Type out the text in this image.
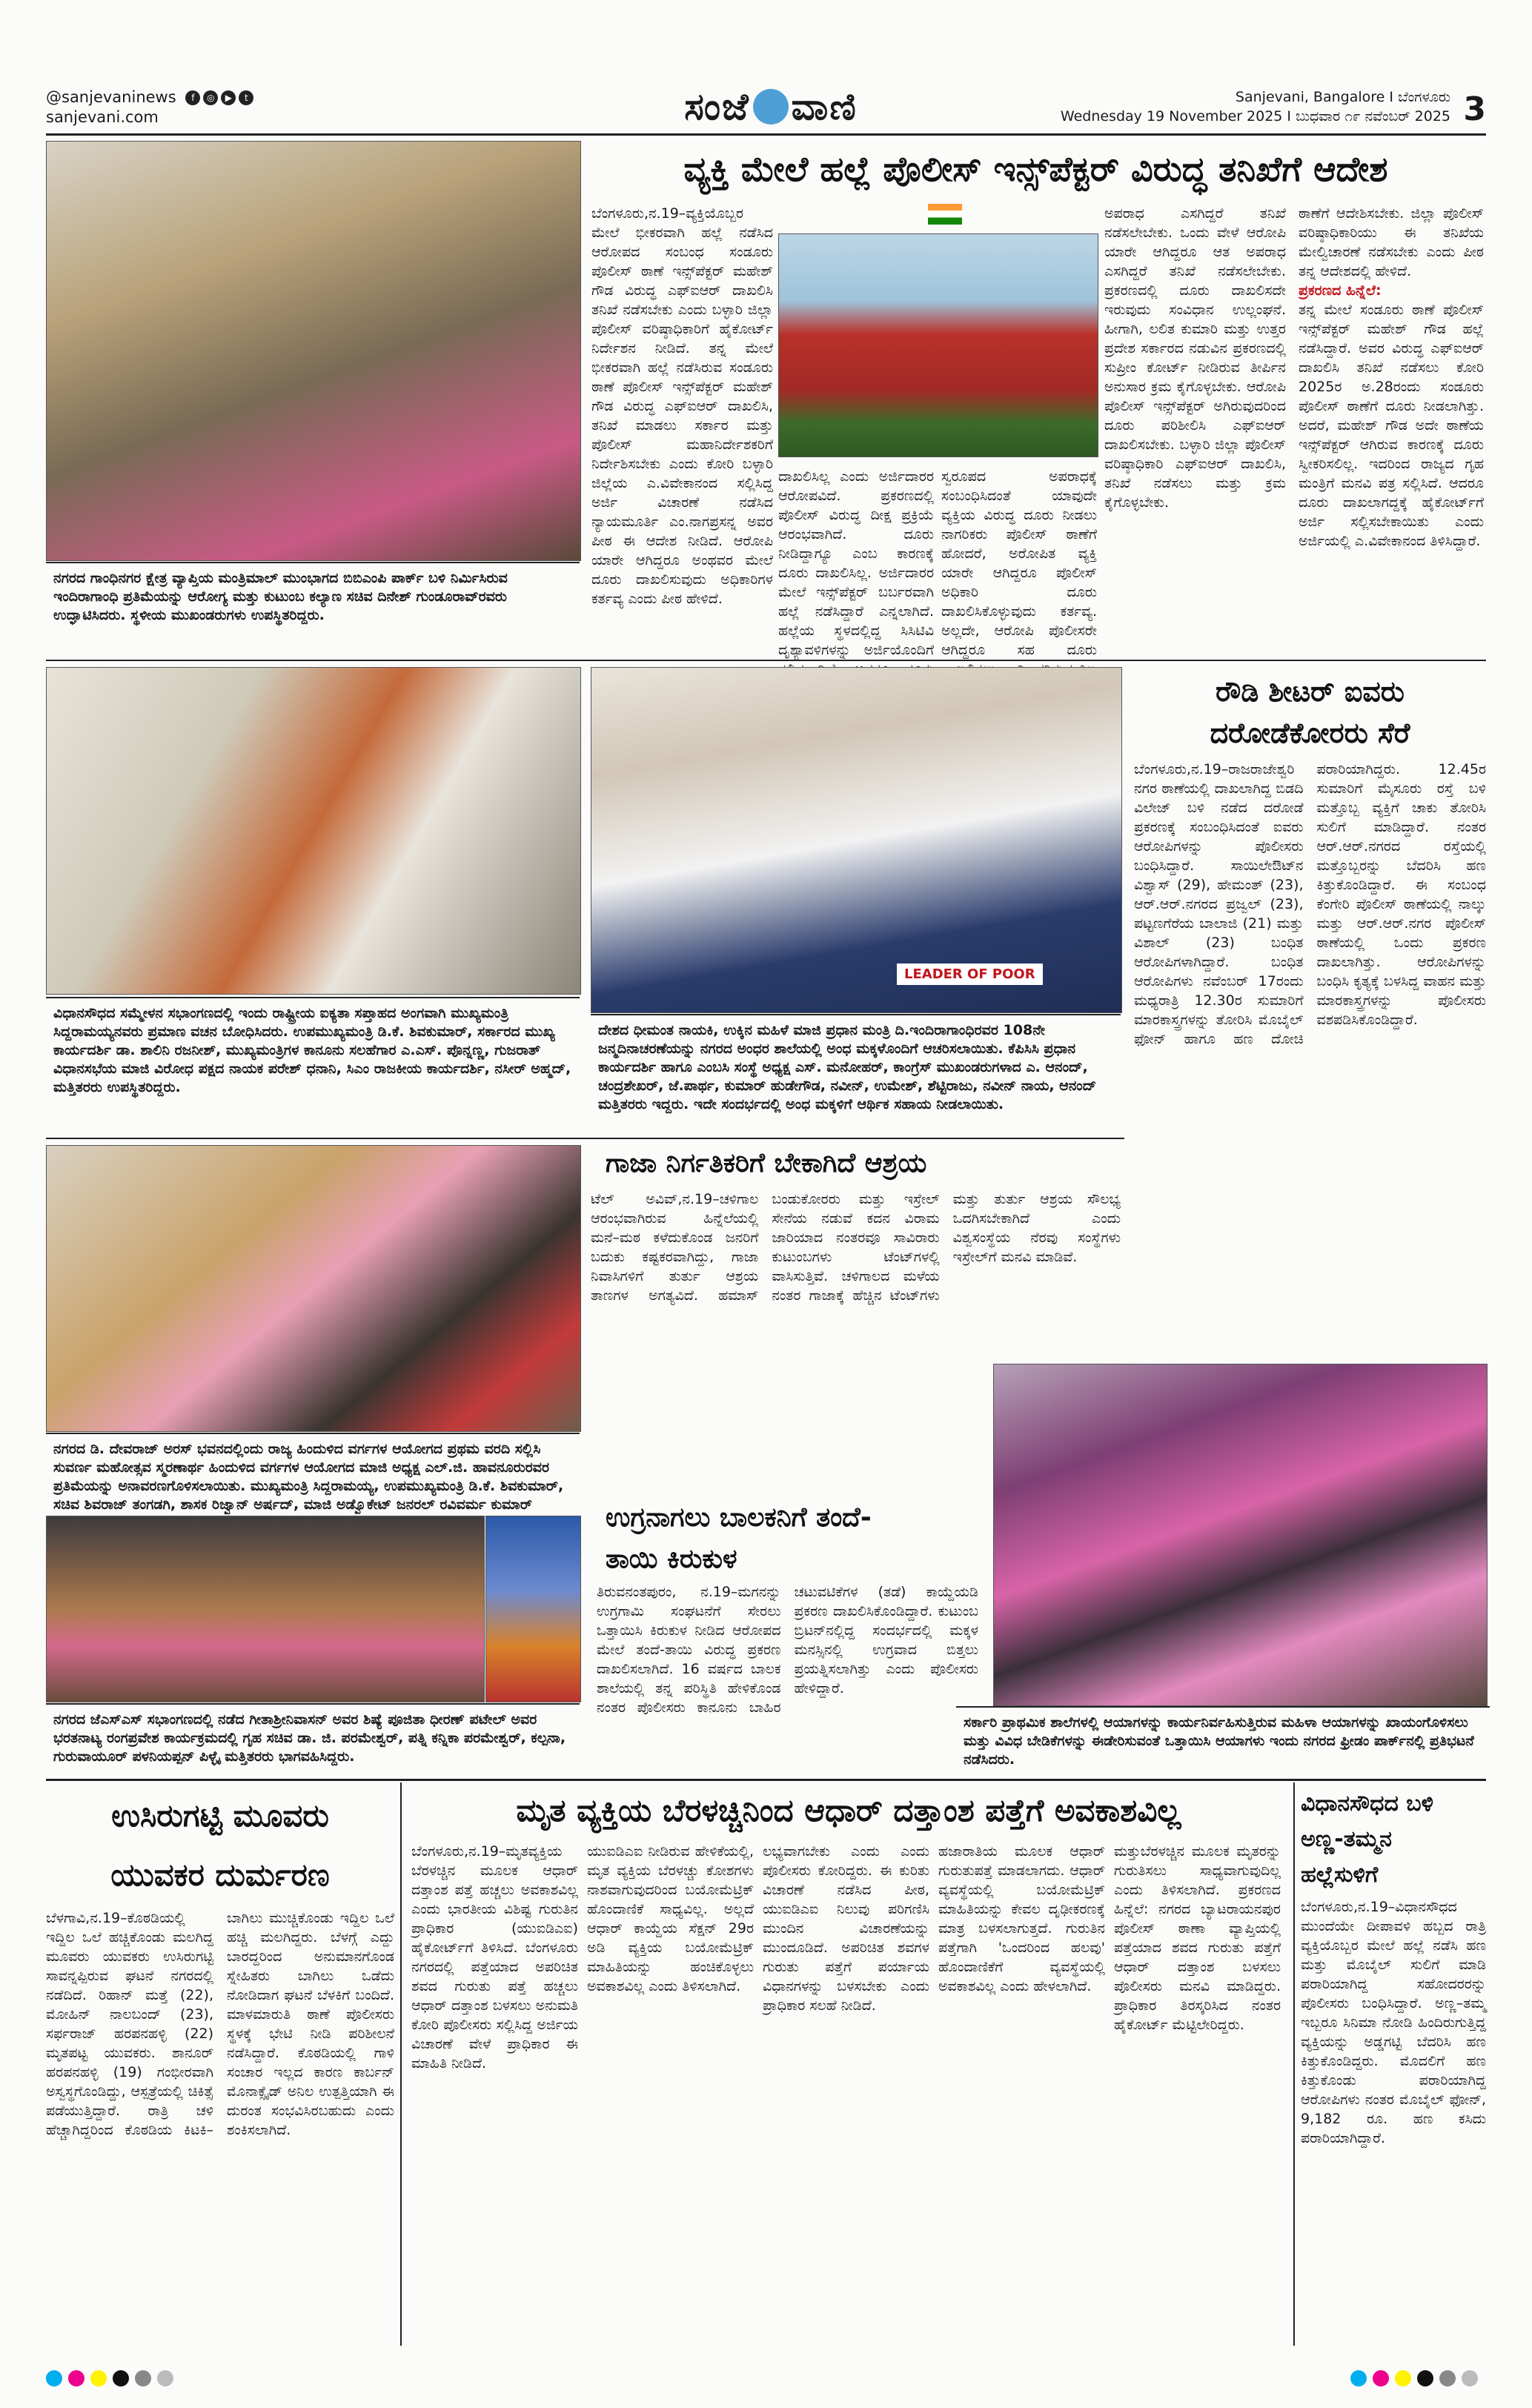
@sanjevaninews	f	◎	▶	t
sanjevani.com	ಸಂಜೆ ವಾಣಿ	Sanjevani, Bangalore I ಬೆಂಗಳೂರು
Wednesday 19 November 2025 I ಬುಧವಾರ ೧೯ ನವೆಂಬರ್ 2025 3
ನಗರದ ಗಾಂಧಿನಗರ ಕ್ಷೇತ್ರ ವ್ಯಾಪ್ತಿಯ ಮಂತ್ರಿಮಾಲ್ ಮುಂಭಾಗದ ಬಿಬಿಎಂಪಿ ಪಾರ್ಕ್ ಬಳಿ ನಿರ್ಮಿಸಿರುವ ಇಂದಿರಾಗಾಂಧಿ ಪ್ರತಿಮೆಯನ್ನು ಆರೋಗ್ಯ ಮತ್ತು ಕುಟುಂಬ ಕಲ್ಯಾಣ ಸಚಿವ ದಿನೇಶ್ ಗುಂಡೂರಾವ್‌ರವರು ಉದ್ಘಾಟಿಸಿದರು. ಸ್ಥಳೀಯ ಮುಖಂಡರುಗಳು ಉಪಸ್ಥಿತರಿದ್ದರು.
ವ್ಯಕ್ತಿ ಮೇಲೆ ಹಲ್ಲೆ ಪೊಲೀಸ್ ಇನ್ಸ್‌ಪೆಕ್ಟರ್ ವಿರುದ್ಧ ತನಿಖೆಗೆ ಆದೇಶ
ಬೆಂಗಳೂರು,ನ.19–ವ್ಯಕ್ತಿಯೊಬ್ಬರ ಮೇಲೆ ಭೀಕರವಾಗಿ ಹಲ್ಲೆ ನಡೆಸಿದ ಆರೋಪದ ಸಂಬಂಧ ಸಂಡೂರು ಪೊಲೀಸ್ ಠಾಣೆ ಇನ್ಸ್‌ಪೆಕ್ಟರ್ ಮಹೇಶ್ ಗೌಡ ವಿರುದ್ಧ ಎಫ್‌ಐಆರ್ ದಾಖಲಿಸಿ ತನಿಖೆ ನಡೆಸಬೇಕು ಎಂದು ಬಳ್ಳಾರಿ ಜಿಲ್ಲಾ ಪೊಲೀಸ್ ವರಿಷ್ಠಾಧಿಕಾರಿಗೆ ಹೈಕೋರ್ಟ್ ನಿರ್ದೇಶನ ನೀಡಿದೆ. ತನ್ನ ಮೇಲೆ ಭೀಕರವಾಗಿ ಹಲ್ಲೆ ನಡೆಸಿರುವ ಸಂಡೂರು ಠಾಣೆ ಪೊಲೀಸ್ ಇನ್ಸ್‌ಪೆಕ್ಟರ್ ಮಹೇಶ್ ಗೌಡ ವಿರುದ್ಧ ಎಫ್‌ಐಆರ್ ದಾಖಲಿಸಿ, ತನಿಖೆ ಮಾಡಲು ಸರ್ಕಾರ ಮತ್ತು ಪೊಲೀಸ್ ಮಹಾನಿರ್ದೇಶಕರಿಗೆ ನಿರ್ದೇಶಿಸಬೇಕು ಎಂದು ಕೋರಿ ಬಳ್ಳಾರಿ ಜಿಲ್ಲೆಯ ಎ.ವಿವೇಕಾನಂದ ಸಲ್ಲಿಸಿದ್ದ ಅರ್ಜಿ ವಿಚಾರಣೆ ನಡೆಸಿದ ನ್ಯಾಯಮೂರ್ತಿ ಎಂ.ನಾಗಪ್ರಸನ್ನ ಅವರ ಪೀಠ ಈ ಆದೇಶ ನೀಡಿದೆ. ಆರೋಪಿ ಯಾರೇ ಆಗಿದ್ದರೂ ಅಂಥವರ ಮೇಲೆ ದೂರು ದಾಖಲಿಸುವುದು ಅಧಿಕಾರಿಗಳ ಕರ್ತವ್ಯ ಎಂದು ಪೀಠ ಹೇಳಿದೆ.
ದಾಖಲಿಸಿಲ್ಲ ಎಂದು ಅರ್ಜಿದಾರರ ಆರೋಪವಿದೆ. ಪ್ರಕರಣದಲ್ಲಿ ಪೊಲೀಸ್ ವಿರುದ್ಧ ದೀಕ್ಷ ಪ್ರಕ್ರಿಯೆ ಆರಂಭವಾಗಿದೆ. ದೂರು ನೀಡಿದ್ದಾಗ್ಯೂ ಎಂಬ ಕಾರಣಕ್ಕೆ ದೂರು ದಾಖಲಿಸಿಲ್ಲ. ಅರ್ಜಿದಾರರ ಮೇಲೆ ಇನ್ಸ್‌ಪೆಕ್ಟರ್ ಬರ್ಬರವಾಗಿ ಹಲ್ಲೆ ನಡೆಸಿದ್ದಾರೆ ಎನ್ನಲಾಗಿದೆ. ಹಲ್ಲೆಯ ಸ್ಥಳದಲ್ಲಿದ್ದ ಸಿಸಿಟಿವಿ ದೃಶ್ಯಾವಳಿಗಳನ್ನು ಅರ್ಜಿಯೊಂದಿಗೆ
ಸ್ವರೂಪದ ಅಪರಾಧಕ್ಕೆ ಸಂಬಂಧಿಸಿದಂತೆ ಯಾವುದೇ ವ್ಯಕ್ತಿಯ ವಿರುದ್ಧ ದೂರು ನೀಡಲು ನಾಗರಿಕರು ಪೊಲೀಸ್ ಠಾಣೆಗೆ ಹೋದರೆ, ಅರೋಪಿತ ವ್ಯಕ್ತಿ ಯಾರೇ ಆಗಿದ್ದರೂ ಪೊಲೀಸ್ ಅಧಿಕಾರಿ ದೂರು ದಾಖಲಿಸಿಕೊಳ್ಳುವುದು ಕರ್ತವ್ಯ. ಅಲ್ಲದೇ, ಆರೋಪಿ ಪೊಲೀಸರೇ ಆಗಿದ್ದರೂ ಸಹ ದೂರು
ಅಪರಾಧ ಎಸಗಿದ್ದರೆ ತನಿಖೆ ನಡೆಸಲೇಬೇಕು. ಒಂದು ವೇಳೆ ಆರೋಪಿ ಯಾರೇ ಆಗಿದ್ದರೂ ಆತ ಅಪರಾಧ ಎಸಗಿದ್ದರೆ ತನಿಖೆ ನಡೆಸಲೇಬೇಕು. ಪ್ರಕರಣದಲ್ಲಿ ದೂರು ದಾಖಲಿಸದೇ ಇರುವುದು ಸಂವಿಧಾನ ಉಲ್ಲಂಘನೆ. ಹೀಗಾಗಿ, ಲಲಿತ ಕುಮಾರಿ ಮತ್ತು ಉತ್ತರ ಪ್ರದೇಶ ಸರ್ಕಾರದ ನಡುವಿನ ಪ್ರಕರಣದಲ್ಲಿ ಸುಪ್ರೀಂ ಕೋರ್ಟ್ ನೀಡಿರುವ ತೀರ್ಪಿನ ಅನುಸಾರ ಕ್ರಮ ಕೈಗೊಳ್ಳಬೇಕು. ಆರೋಪಿ ಪೊಲೀಸ್ ಇನ್ಸ್‌ಪೆಕ್ಟರ್ ಅಗಿರುವುದರಿಂದ ದೂರು ಪರಿಶೀಲಿಸಿ ಎಫ್‌ಐಆರ್ ದಾಖಲಿಸಬೇಕು. ಬಳ್ಳಾರಿ ಜಿಲ್ಲಾ ಪೊಲೀಸ್ ವರಿಷ್ಠಾಧಿಕಾರಿ ಎಫ್‌ಐಆರ್ ದಾಖಲಿಸಿ, ತನಿಖೆ ನಡೆಸಲು ಮತ್ತು ಕ್ರಮ ಕೈಗೊಳ್ಳಬೇಕು.
ಠಾಣೆಗೆ ಆದೇಶಿಸಬೇಕು. ಜಿಲ್ಲಾ ಪೊಲೀಸ್ ವರಿಷ್ಠಾಧಿಕಾರಿಯು ಈ ತನಿಖೆಯ ಮೇಲ್ವಿಚಾರಣೆ ನಡೆಸಬೇಕು ಎಂದು ಪೀಠ ತನ್ನ ಆದೇಶದಲ್ಲಿ ಹೇಳಿದೆ.
ಪ್ರಕರಣದ ಹಿನ್ನೆಲೆ:
ತನ್ನ ಮೇಲೆ ಸಂಡೂರು ಠಾಣೆ ಪೊಲೀಸ್ ಇನ್ಸ್‌ಪೆಕ್ಟರ್ ಮಹೇಶ್ ಗೌಡ ಹಲ್ಲೆ ನಡೆಸಿದ್ದಾರೆ. ಅವರ ವಿರುದ್ಧ ಎಫ್‌ಐಆರ್ ದಾಖಲಿಸಿ ತನಿಖೆ ನಡೆಸಲು ಕೋರಿ 2025ರ ಅ.28ರಂದು ಸಂಡೂರು ಪೊಲೀಸ್ ಠಾಣೆಗೆ ದೂರು ನೀಡಲಾಗಿತ್ತು. ಅದರೆ, ಮಹೇಶ್ ಗೌಡ ಅದೇ ಠಾಣೆಯ ಇನ್ಸ್‌ಪೆಕ್ಟರ್ ಆಗಿರುವ ಕಾರಣಕ್ಕೆ ದೂರು ಸ್ವೀಕರಿಸಲಿಲ್ಲ. ಇದರಿಂದ ರಾಜ್ಯದ ಗೃಹ ಮಂತ್ರಿಗೆ ಮನವಿ ಪತ್ರ ಸಲ್ಲಿಸಿದೆ. ಆದರೂ ದೂರು ದಾಖಲಾಗದ್ದಕ್ಕೆ ಹೈಕೋರ್ಟ್‌ಗೆ ಅರ್ಜಿ ಸಲ್ಲಿಸಬೇಕಾಯಿತು ಎಂದು ಅರ್ಜಿಯಲ್ಲಿ ಎ.ವಿವೇಕಾನಂದ ತಿಳಿಸಿದ್ದಾರೆ.
ವಿಧಾನಸೌಧದ ಸಮ್ಮೇಳನ ಸಭಾಂಗಣದಲ್ಲಿ ಇಂದು ರಾಷ್ಟ್ರೀಯ ಐಕ್ಯತಾ ಸಪ್ತಾಹದ ಅಂಗವಾಗಿ ಮುಖ್ಯಮಂತ್ರಿ ಸಿದ್ದರಾಮಯ್ಯನವರು ಪ್ರಮಾಣ ವಚನ ಬೋಧಿಸಿದರು. ಉಪಮುಖ್ಯಮಂತ್ರಿ ಡಿ.ಕೆ. ಶಿವಕುಮಾರ್, ಸರ್ಕಾರದ ಮುಖ್ಯ ಕಾರ್ಯದರ್ಶಿ ಡಾ. ಶಾಲಿನಿ ರಜನೀಶ್, ಮುಖ್ಯಮಂತ್ರಿಗಳ ಕಾನೂನು ಸಲಹೆಗಾರ ಎ.ಎಸ್. ಪೊನ್ನಣ್ಣ, ಗುಜರಾತ್ ವಿಧಾನಸಭೆಯ ಮಾಜಿ ವಿರೋಧ ಪಕ್ಷದ ನಾಯಕ ಪರೇಶ್ ಧನಾನಿ, ಸಿಎಂ ರಾಜಕೀಯ ಕಾರ್ಯದರ್ಶಿ, ನಸೀರ್ ಅಹ್ಮದ್, ಮತ್ತಿತರರು ಉಪಸ್ಥಿತರಿದ್ದರು.
LEADER OF POOR
ದೇಶದ ಧೀಮಂತ ನಾಯಕಿ, ಉಕ್ಕಿನ ಮಹಿಳೆ ಮಾಜಿ ಪ್ರಧಾನ ಮಂತ್ರಿ ದಿ.ಇಂದಿರಾಗಾಂಧಿರವರ 108ನೇ ಜನ್ಮದಿನಾಚರಣೆಯನ್ನು ನಗರದ ಅಂಧರ ಶಾಲೆಯಲ್ಲಿ ಅಂಧ ಮಕ್ಕಳೊಂದಿಗೆ ಆಚರಿಸಲಾಯಿತು. ಕೆಪಿಸಿಸಿ ಪ್ರಧಾನ ಕಾರ್ಯದರ್ಶಿ ಹಾಗೂ ಎಂಬಸಿ ಸಂಸ್ಥೆ ಅಧ್ಯಕ್ಷ ಎಸ್. ಮನೋಹರ್, ಕಾಂಗ್ರೆಸ್ ಮುಖಂಡರುಗಳಾದ ಎ. ಆನಂದ್, ಚಂದ್ರಶೇಖರ್, ಜೆ.ಪಾರ್ಥ, ಕುಮಾರ್ ಹುಡೇಗೌಡ, ನವೀನ್, ಉಮೇಶ್, ಶೆಟ್ಟಿರಾಜು, ನವೀನ್ ನಾಯ, ಆನಂದ್ ಮತ್ತಿತರರು ಇದ್ದರು. ಇದೇ ಸಂದರ್ಭದಲ್ಲಿ ಅಂಧ ಮಕ್ಕಳಿಗೆ ಆರ್ಥಿಕ ಸಹಾಯ ನೀಡಲಾಯಿತು.
ರೌಡಿ ಶೀಟರ್ ಐವರು
ದರೋಡೆಕೋರರು ಸೆರೆ
ಬೆಂಗಳೂರು,ನ.19–ರಾಜರಾಜೇಶ್ವರಿ ನಗರ ಠಾಣೆಯಲ್ಲಿ ದಾಖಲಾಗಿದ್ದ ಬಿಡದಿ ವಿಲೇಜ್ ಬಳಿ ನಡೆದ ದರೋಡೆ ಪ್ರಕರಣಕ್ಕೆ ಸಂಬಂಧಿಸಿದಂತೆ ಐವರು ಆರೋಪಿಗಳನ್ನು ಪೊಲೀಸರು ಬಂಧಿಸಿದ್ದಾರೆ. ಸಾಯಿಲೇಔಟ್‌ನ ವಿಶ್ವಾಸ್ (29), ಹೇಮಂತ್ (23), ಆರ್.ಆರ್.ನಗರದ ಪ್ರಜ್ವಲ್ (23), ಪಟ್ಟಣಗೆರೆಯ ಬಾಲಾಜಿ (21) ಮತ್ತು ವಿಶಾಲ್ (23) ಬಂಧಿತ ಆರೋಪಿಗಳಾಗಿದ್ದಾರೆ. ಬಂಧಿತ ಆರೋಪಿಗಳು ನವೆಂಬರ್ 17ರಂದು ಮಧ್ಯರಾತ್ರಿ 12.30ರ ಸುಮಾರಿಗೆ ಮಾರಕಾಸ್ತ್ರಗಳನ್ನು ತೋರಿಸಿ ಮೊಬೈಲ್ ಫೋನ್ ಹಾಗೂ ಹಣ ದೋಚಿ ಪರಾರಿಯಾಗಿದ್ದರು. 12.45ರ ಸುಮಾರಿಗೆ ಮೈಸೂರು ರಸ್ತೆ ಬಳಿ ಮತ್ತೊಬ್ಬ ವ್ಯಕ್ತಿಗೆ ಚಾಕು ತೋರಿಸಿ ಸುಲಿಗೆ ಮಾಡಿದ್ದಾರೆ. ನಂತರ ಆರ್.ಆರ್.ನಗರದ ರಸ್ತೆಯಲ್ಲಿ ಮತ್ತೊಬ್ಬರನ್ನು ಬೆದರಿಸಿ ಹಣ ಕಿತ್ತುಕೊಂಡಿದ್ದಾರೆ. ಈ ಸಂಬಂಧ ಕೆಂಗೇರಿ ಪೊಲೀಸ್ ಠಾಣೆಯಲ್ಲಿ ನಾಲ್ಕು ಮತ್ತು ಆರ್.ಆರ್.ನಗರ ಪೊಲೀಸ್ ಠಾಣೆಯಲ್ಲಿ ಒಂದು ಪ್ರಕರಣ ದಾಖಲಾಗಿತ್ತು. ಆರೋಪಿಗಳನ್ನು ಬಂಧಿಸಿ ಕೃತ್ಯಕ್ಕೆ ಬಳಸಿದ್ದ ವಾಹನ ಮತ್ತು ಮಾರಕಾಸ್ತ್ರಗಳನ್ನು ಪೊಲೀಸರು ವಶಪಡಿಸಿಕೊಂಡಿದ್ದಾರೆ.
ನಗರದ ಡಿ. ದೇವರಾಜ್ ಅರಸ್ ಭವನದಲ್ಲಿಂದು ರಾಜ್ಯ ಹಿಂದುಳಿದ ವರ್ಗಗಳ ಆಯೋಗದ ಪ್ರಥಮ ವರದಿ ಸಲ್ಲಿಸಿ ಸುವರ್ಣ ಮಹೋತ್ಸವ ಸ್ಮರಣಾರ್ಥ ಹಿಂದುಳಿದ ವರ್ಗಗಳ ಆಯೋಗದ ಮಾಜಿ ಅಧ್ಯಕ್ಷ ಎಲ್.ಜಿ. ಹಾವನೂರುರವರ ಪ್ರತಿಮೆಯನ್ನು ಅನಾವರಣಗೊಳಿಸಲಾಯಿತು. ಮುಖ್ಯಮಂತ್ರಿ ಸಿದ್ದರಾಮಯ್ಯ, ಉಪಮುಖ್ಯಮಂತ್ರಿ ಡಿ.ಕೆ. ಶಿವಕುಮಾರ್, ಸಚಿವ ಶಿವರಾಜ್ ತಂಗಡಗಿ, ಶಾಸಕ ರಿಜ್ವಾನ್ ಅರ್ಷದ್, ಮಾಜಿ ಅಡ್ವೊಕೇಟ್ ಜನರಲ್ ರವಿವರ್ಮ ಕುಮಾರ್
ಗಾಜಾ ನಿರ್ಗತಿಕರಿಗೆ ಬೇಕಾಗಿದೆ ಆಶ್ರಯ
ಟೆಲ್ ಅವಿವ್,ನ.19–ಚಳಿಗಾಲ ಆರಂಭವಾಗಿರುವ ಹಿನ್ನೆಲೆಯಲ್ಲಿ ಮನೆ–ಮಠ ಕಳೆದುಕೊಂಡ ಜನರಿಗೆ ಬದುಕು ಕಷ್ಟಕರವಾಗಿದ್ದು, ಗಾಜಾ ನಿವಾಸಿಗಳಿಗೆ ತುರ್ತು ಆಶ್ರಯ ತಾಣಗಳ ಅಗತ್ಯವಿದೆ. ಹಮಾಸ್ ಬಂಡುಕೋರರು ಮತ್ತು ಇಸ್ರೇಲ್ ಸೇನೆಯ ನಡುವೆ ಕದನ ವಿರಾಮ ಜಾರಿಯಾದ ನಂತರವೂ ಸಾವಿರಾರು ಕುಟುಂಬಗಳು ಟೆಂಟ್‌ಗಳಲ್ಲಿ ವಾಸಿಸುತ್ತಿವೆ. ಚಳಿಗಾಲದ ಮಳೆಯ ನಂತರ ಗಾಜಾಕ್ಕೆ ಹೆಚ್ಚಿನ ಟೆಂಟ್‌ಗಳು ಮತ್ತು ತುರ್ತು ಆಶ್ರಯ ಸೌಲಭ್ಯ ಒದಗಿಸಬೇಕಾಗಿದೆ ಎಂದು ವಿಶ್ವಸಂಸ್ಥೆಯ ನೆರವು ಸಂಸ್ಥೆಗಳು ಇಸ್ರೇಲ್‌ಗೆ ಮನವಿ ಮಾಡಿವೆ.
ನಗರದ ಜೆಎಸ್ಎಸ್ ಸಭಾಂಗಣದಲ್ಲಿ ನಡೆದ ಗೀತಾಶ್ರೀನಿವಾಸನ್ ಅವರ ಶಿಷ್ಯೆ ಪೂಜಿತಾ ಧೀರಣ್ ಪಟೇಲ್ ಅವರ ಭರತನಾಟ್ಯ ರಂಗಪ್ರವೇಶ ಕಾರ್ಯಕ್ರಮದಲ್ಲಿ ಗೃಹ ಸಚಿವ ಡಾ. ಜಿ. ಪರಮೇಶ್ವರ್, ಪತ್ನಿ ಕನ್ನಿಕಾ ಪರಮೇಶ್ವರ್, ಕಲ್ಪನಾ, ಗುರುವಾಯೂರ್ ಪಳನಿಯಪ್ಪನ್ ಪಿಳ್ಳೈ ಮತ್ತಿತರರು ಭಾಗವಹಿಸಿದ್ದರು.
ಉಗ್ರನಾಗಲು ಬಾಲಕನಿಗೆ ತಂದೆ-
ತಾಯಿ ಕಿರುಕುಳ
ತಿರುವನಂತಪುರಂ, ನ.19–ಮಗನನ್ನು ಉಗ್ರಗಾಮಿ ಸಂಘಟನೆಗೆ ಸೇರಲು ಒತ್ತಾಯಿಸಿ ಕಿರುಕುಳ ನೀಡಿದ ಆರೋಪದ ಮೇಲೆ ತಂದೆ-ತಾಯಿ ವಿರುದ್ಧ ಪ್ರಕರಣ ದಾಖಲಿಸಲಾಗಿದೆ. 16 ವರ್ಷದ ಬಾಲಕ ಶಾಲೆಯಲ್ಲಿ ತನ್ನ ಪರಿಸ್ಥಿತಿ ಹೇಳಿಕೊಂಡ ನಂತರ ಪೊಲೀಸರು ಕಾನೂನು ಬಾಹಿರ ಚಟುವಟಿಕೆಗಳ (ತಡೆ) ಕಾಯ್ದೆಯಡಿ ಪ್ರಕರಣ ದಾಖಲಿಸಿಕೊಂಡಿದ್ದಾರೆ. ಕುಟುಂಬ ಬ್ರಿಟನ್‌ನಲ್ಲಿದ್ದ ಸಂದರ್ಭದಲ್ಲಿ ಮಕ್ಕಳ ಮನಸ್ಸಿನಲ್ಲಿ ಉಗ್ರವಾದ ಬಿತ್ತಲು ಪ್ರಯತ್ನಿಸಲಾಗಿತ್ತು ಎಂದು ಪೊಲೀಸರು ಹೇಳಿದ್ದಾರೆ.
ಸರ್ಕಾರಿ ಪ್ರಾಥಮಿಕ ಶಾಲೆಗಳಲ್ಲಿ ಆಯಾಗಳನ್ನು ಕಾರ್ಯನಿರ್ವಹಿಸುತ್ತಿರುವ ಮಹಿಳಾ ಆಯಾಗಳನ್ನು ಖಾಯಂಗೊಳಿಸಲು ಮತ್ತು ವಿವಿಧ ಬೇಡಿಕೆಗಳನ್ನು ಈಡೇರಿಸುವಂತೆ ಒತ್ತಾಯಿಸಿ ಆಯಾಗಳು ಇಂದು ನಗರದ ಫ್ರೀಡಂ ಪಾರ್ಕ್‌ನಲ್ಲಿ ಪ್ರತಿಭಟನೆ ನಡೆಸಿದರು.
ಉಸಿರುಗಟ್ಟಿ ಮೂವರು
ಯುವಕರ ದುರ್ಮರಣ
ಬೆಳಗಾವಿ,ನ.19–ಕೊಠಡಿಯಲ್ಲಿ ಇದ್ದಿಲ ಒಲೆ ಹಚ್ಚಿಕೊಂಡು ಮಲಗಿದ್ದ ಮೂವರು ಯುವಕರು ಉಸಿರುಗಟ್ಟಿ ಸಾವನ್ನಪ್ಪಿರುವ ಘಟನೆ ನಗರದಲ್ಲಿ ನಡೆದಿದೆ. ರಿಹಾನ್ ಮತ್ತೆ (22), ಮೋಹಿನ್ ನಾಲಬಂದ್ (23), ಸರ್ಫರಾಜ್ ಹರಪನಹಳ್ಳಿ (22) ಮೃತಪಟ್ಟ ಯುವಕರು. ಶಾನೂರ್ ಹರಪನಹಳ್ಳಿ (19) ಗಂಭೀರವಾಗಿ ಅಸ್ವಸ್ಥಗೊಂಡಿದ್ದು, ಆಸ್ಪತ್ರೆಯಲ್ಲಿ ಚಿಕಿತ್ಸೆ ಪಡೆಯುತ್ತಿದ್ದಾರೆ. ರಾತ್ರಿ ಚಳಿ ಹೆಚ್ಚಾಗಿದ್ದರಿಂದ ಕೊಠಡಿಯ ಕಿಟಕಿ–ಬಾಗಿಲು ಮುಚ್ಚಿಕೊಂಡು ಇದ್ದಿಲ ಒಲೆ ಹಚ್ಚಿ ಮಲಗಿದ್ದರು. ಬೆಳಗ್ಗೆ ಎದ್ದು ಬಾರದ್ದರಿಂದ ಅನುಮಾನಗೊಂಡ ಸ್ನೇಹಿತರು ಬಾಗಿಲು ಒಡೆದು ನೋಡಿದಾಗ ಘಟನೆ ಬೆಳಕಿಗೆ ಬಂದಿದೆ. ಮಾಳಮಾರುತಿ ಠಾಣೆ ಪೊಲೀಸರು ಸ್ಥಳಕ್ಕೆ ಭೇಟಿ ನೀಡಿ ಪರಿಶೀಲನೆ ನಡೆಸಿದ್ದಾರೆ. ಕೊಠಡಿಯಲ್ಲಿ ಗಾಳಿ ಸಂಚಾರ ಇಲ್ಲದ ಕಾರಣ ಕಾರ್ಬನ್ ಮೊನಾಕ್ಸೈಡ್ ಅನಿಲ ಉತ್ಪತ್ತಿಯಾಗಿ ಈ ದುರಂತ ಸಂಭವಿಸಿರಬಹುದು ಎಂದು ಶಂಕಿಸಲಾಗಿದೆ.
ಮೃತ ವ್ಯಕ್ತಿಯ ಬೆರಳಚ್ಚಿನಿಂದ ಆಧಾರ್ ದತ್ತಾಂಶ ಪತ್ತೆಗೆ ಅವಕಾಶವಿಲ್ಲ
ಬೆಂಗಳೂರು,ನ.19–ಮೃತವ್ಯಕ್ತಿಯ ಬೆರಳಚ್ಚಿನ ಮೂಲಕ ಆಧಾರ್ ದತ್ತಾಂಶ ಪತ್ತೆ ಹಚ್ಚಲು ಅವಕಾಶವಿಲ್ಲ ಎಂದು ಭಾರತೀಯ ವಿಶಿಷ್ಟ ಗುರುತಿನ ಪ್ರಾಧಿಕಾರ (ಯುಐಡಿಎಐ) ಹೈಕೋರ್ಟ್‌ಗೆ ತಿಳಿಸಿದೆ. ಬೆಂಗಳೂರು ನಗರದಲ್ಲಿ ಪತ್ತೆಯಾದ ಅಪರಿಚಿತ ಶವದ ಗುರುತು ಪತ್ತೆ ಹಚ್ಚಲು ಆಧಾರ್ ದತ್ತಾಂಶ ಬಳಸಲು ಅನುಮತಿ ಕೋರಿ ಪೊಲೀಸರು ಸಲ್ಲಿಸಿದ್ದ ಅರ್ಜಿಯ ವಿಚಾರಣೆ ವೇಳೆ ಪ್ರಾಧಿಕಾರ ಈ ಮಾಹಿತಿ ನೀಡಿದೆ.
ಯುಐಡಿಎಐ ನೀಡಿರುವ ಹೇಳಿಕೆಯಲ್ಲಿ, ಮೃತ ವ್ಯಕ್ತಿಯ ಬೆರಳಚ್ಚು ಕೋಶಗಳು ನಾಶವಾಗುವುದರಿಂದ ಬಯೋಮೆಟ್ರಿಕ್ ಹೊಂದಾಣಿಕೆ ಸಾಧ್ಯವಿಲ್ಲ. ಅಲ್ಲದೆ ಆಧಾರ್ ಕಾಯ್ದೆಯ ಸೆಕ್ಷನ್ 29ರ ಅಡಿ ವ್ಯಕ್ತಿಯ ಬಯೋಮೆಟ್ರಿಕ್ ಮಾಹಿತಿಯನ್ನು ಹಂಚಿಕೊಳ್ಳಲು ಅವಕಾಶವಿಲ್ಲ ಎಂದು ತಿಳಿಸಲಾಗಿದೆ.
ಲಭ್ಯವಾಗಬೇಕು ಎಂದು ಎಂದು ಪೊಲೀಸರು ಕೋರಿದ್ದರು. ಈ ಕುರಿತು ವಿಚಾರಣೆ ನಡೆಸಿದ ಪೀಠ, ಯುಐಡಿಎಐ ನಿಲುವು ಪರಿಗಣಿಸಿ ಮುಂದಿನ ವಿಚಾರಣೆಯನ್ನು ಮುಂದೂಡಿದೆ. ಅಪರಿಚಿತ ಶವಗಳ ಗುರುತು ಪತ್ತೆಗೆ ಪರ್ಯಾಯ ವಿಧಾನಗಳನ್ನು ಬಳಸಬೇಕು ಎಂದು ಪ್ರಾಧಿಕಾರ ಸಲಹೆ ನೀಡಿದೆ.
ಹಜಾರಾತಿಯ ಮೂಲಕ ಆಧಾರ್ ಗುರುತುಪತ್ತೆ ಮಾಡಲಾಗದು. ಆಧಾರ್ ವ್ಯವಸ್ಥೆಯಲ್ಲಿ ಬಯೋಮೆಟ್ರಿಕ್ ಮಾಹಿತಿಯನ್ನು ಕೇವಲ ದೃಢೀಕರಣಕ್ಕೆ ಮಾತ್ರ ಬಳಸಲಾಗುತ್ತದೆ. ಗುರುತಿನ ಪತ್ತೆಗಾಗಿ 'ಒಂದರಿಂದ ಹಲವು' ಹೊಂದಾಣಿಕೆಗೆ ವ್ಯವಸ್ಥೆಯಲ್ಲಿ ಅವಕಾಶವಿಲ್ಲ ಎಂದು ಹೇಳಲಾಗಿದೆ.
ಮತ್ತುಬೆರಳಚ್ಚಿನ ಮೂಲಕ ಮೃತರನ್ನು ಗುರುತಿಸಲು ಸಾಧ್ಯವಾಗುವುದಿಲ್ಲ ಎಂದು ತಿಳಿಸಲಾಗಿದೆ. ಪ್ರಕರಣದ ಹಿನ್ನೆಲೆ: ನಗರದ ಬ್ಯಾಟರಾಯನಪುರ ಪೊಲೀಸ್ ಠಾಣಾ ವ್ಯಾಪ್ತಿಯಲ್ಲಿ ಪತ್ತೆಯಾದ ಶವದ ಗುರುತು ಪತ್ತೆಗೆ ಆಧಾರ್ ದತ್ತಾಂಶ ಬಳಸಲು ಪೊಲೀಸರು ಮನವಿ ಮಾಡಿದ್ದರು. ಪ್ರಾಧಿಕಾರ ತಿರಸ್ಕರಿಸಿದ ನಂತರ ಹೈಕೋರ್ಟ್ ಮೆಟ್ಟಿಲೇರಿದ್ದರು.
ವಿಧಾನಸೌಧದ ಬಳಿ
ಅಣ್ಣ-ತಮ್ಮನ
ಹಲ್ಲೆಸುಳಿಗೆ
ಬೆಂಗಳೂರು,ನ.19–ವಿಧಾನಸೌಧದ ಮುಂದೆಯೇ ದೀಪಾವಳಿ ಹಬ್ಬದ ರಾತ್ರಿ ವ್ಯಕ್ತಿಯೊಬ್ಬರ ಮೇಲೆ ಹಲ್ಲೆ ನಡೆಸಿ ಹಣ ಮತ್ತು ಮೊಬೈಲ್ ಸುಲಿಗೆ ಮಾಡಿ ಪರಾರಿಯಾಗಿದ್ದ ಸಹೋದರರನ್ನು ಪೊಲೀಸರು ಬಂಧಿಸಿದ್ದಾರೆ. ಅಣ್ಣ–ತಮ್ಮ ಇಬ್ಬರೂ ಸಿನಿಮಾ ನೋಡಿ ಹಿಂದಿರುಗುತ್ತಿದ್ದ ವ್ಯಕ್ತಿಯನ್ನು ಅಡ್ಡಗಟ್ಟಿ ಬೆದರಿಸಿ ಹಣ ಕಿತ್ತುಕೊಂಡಿದ್ದರು. ಮೊದಲಿಗೆ ಹಣ ಕಿತ್ತುಕೊಂಡು ಪರಾರಿಯಾಗಿದ್ದ ಆರೋಪಿಗಳು ನಂತರ ಮೊಬೈಲ್ ಫೋನ್, 9,182 ರೂ. ಹಣ ಕಸಿದು ಪರಾರಿಯಾಗಿದ್ದಾರೆ.
